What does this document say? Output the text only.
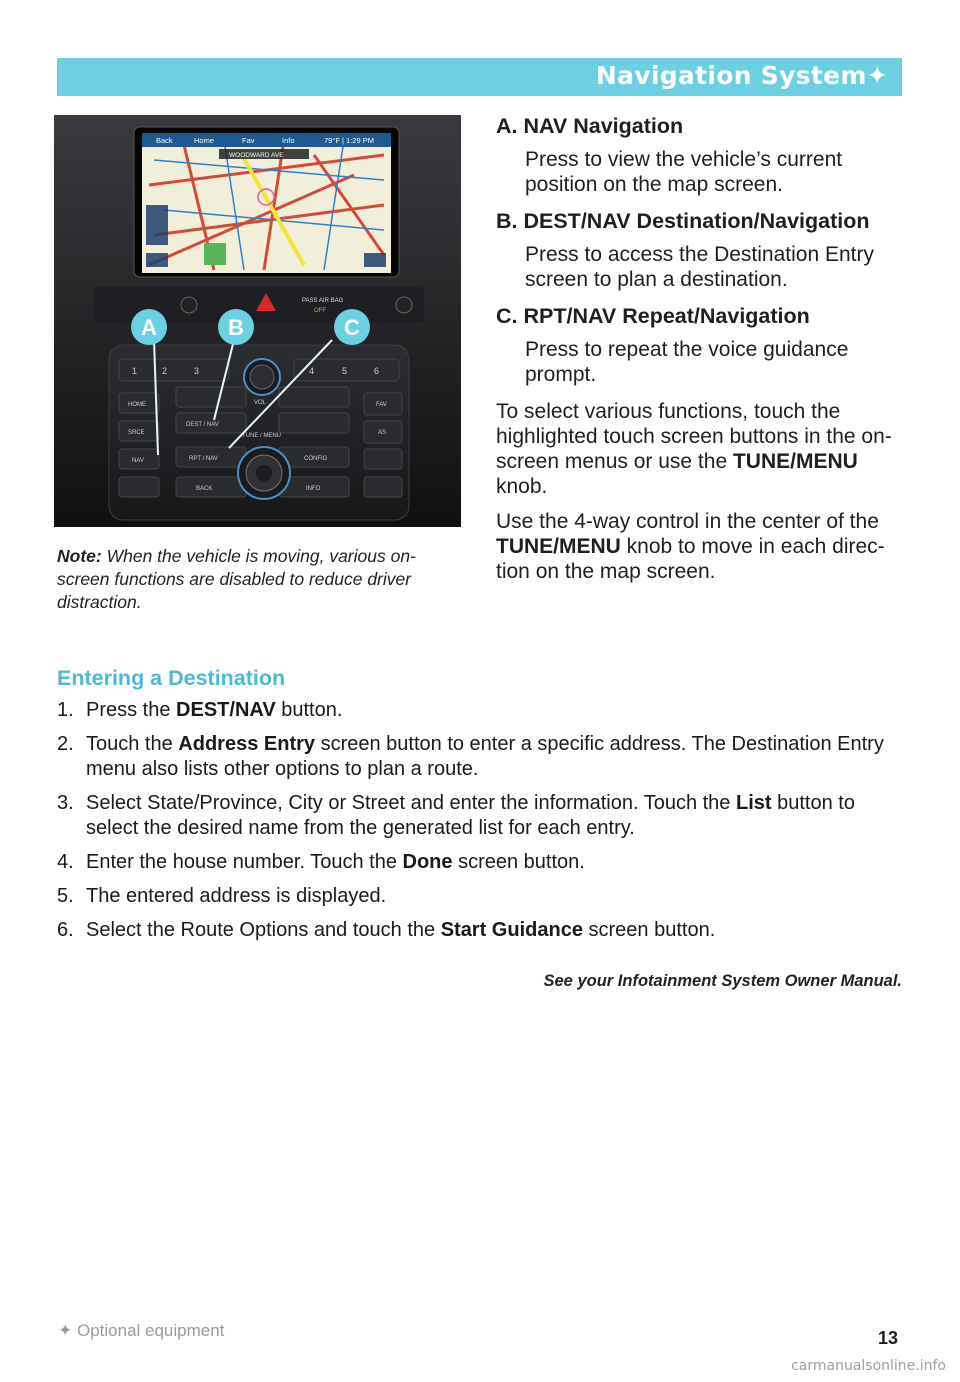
Navigation System✦
Back	Home	Fav	Info	79°F | 1:29 PM
WOODWARD AVE
PASS AIR BAG
OFF
1	2	3	4	5	6
HOME
SRCE
NAV
DEST / NAV
RPT / NAV
BACK
CONFIG
INFO
FAV
AS
VOL
TUNE / MENU
A	B	C
Note: When the vehicle is moving, various on-screen functions are disabled to reduce driver distraction.

A. NAV Navigation

Press to view the vehicle’s current position on the map screen.

B. DEST/NAV Destination/Navigation

Press to access the Destination Entry screen to plan a destination.

C. RPT/NAV Repeat/Navigation

Press to repeat the voice guidance prompt.

To select various functions, touch the highlighted touch screen buttons in the on-screen menus or use the TUNE/MENU knob.

Use the 4-way control in the center of the TUNE/MENU knob to move in each direction on the map screen.

Entering a Destination
1. Press the DEST/NAV button.
2. Touch the Address Entry screen button to enter a specific address. The Destination Entry menu also lists other options to plan a route.
3. Select State/Province, City or Street and enter the information. Touch the List button to select the desired name from the generated list for each entry.
4. Enter the house number. Touch the Done screen button.
5. The entered address is displayed.
6. Select the Route Options and touch the Start Guidance screen button.
See your Infotainment System Owner Manual.
✦ Optional equipment	13
carmanualsonline.info
